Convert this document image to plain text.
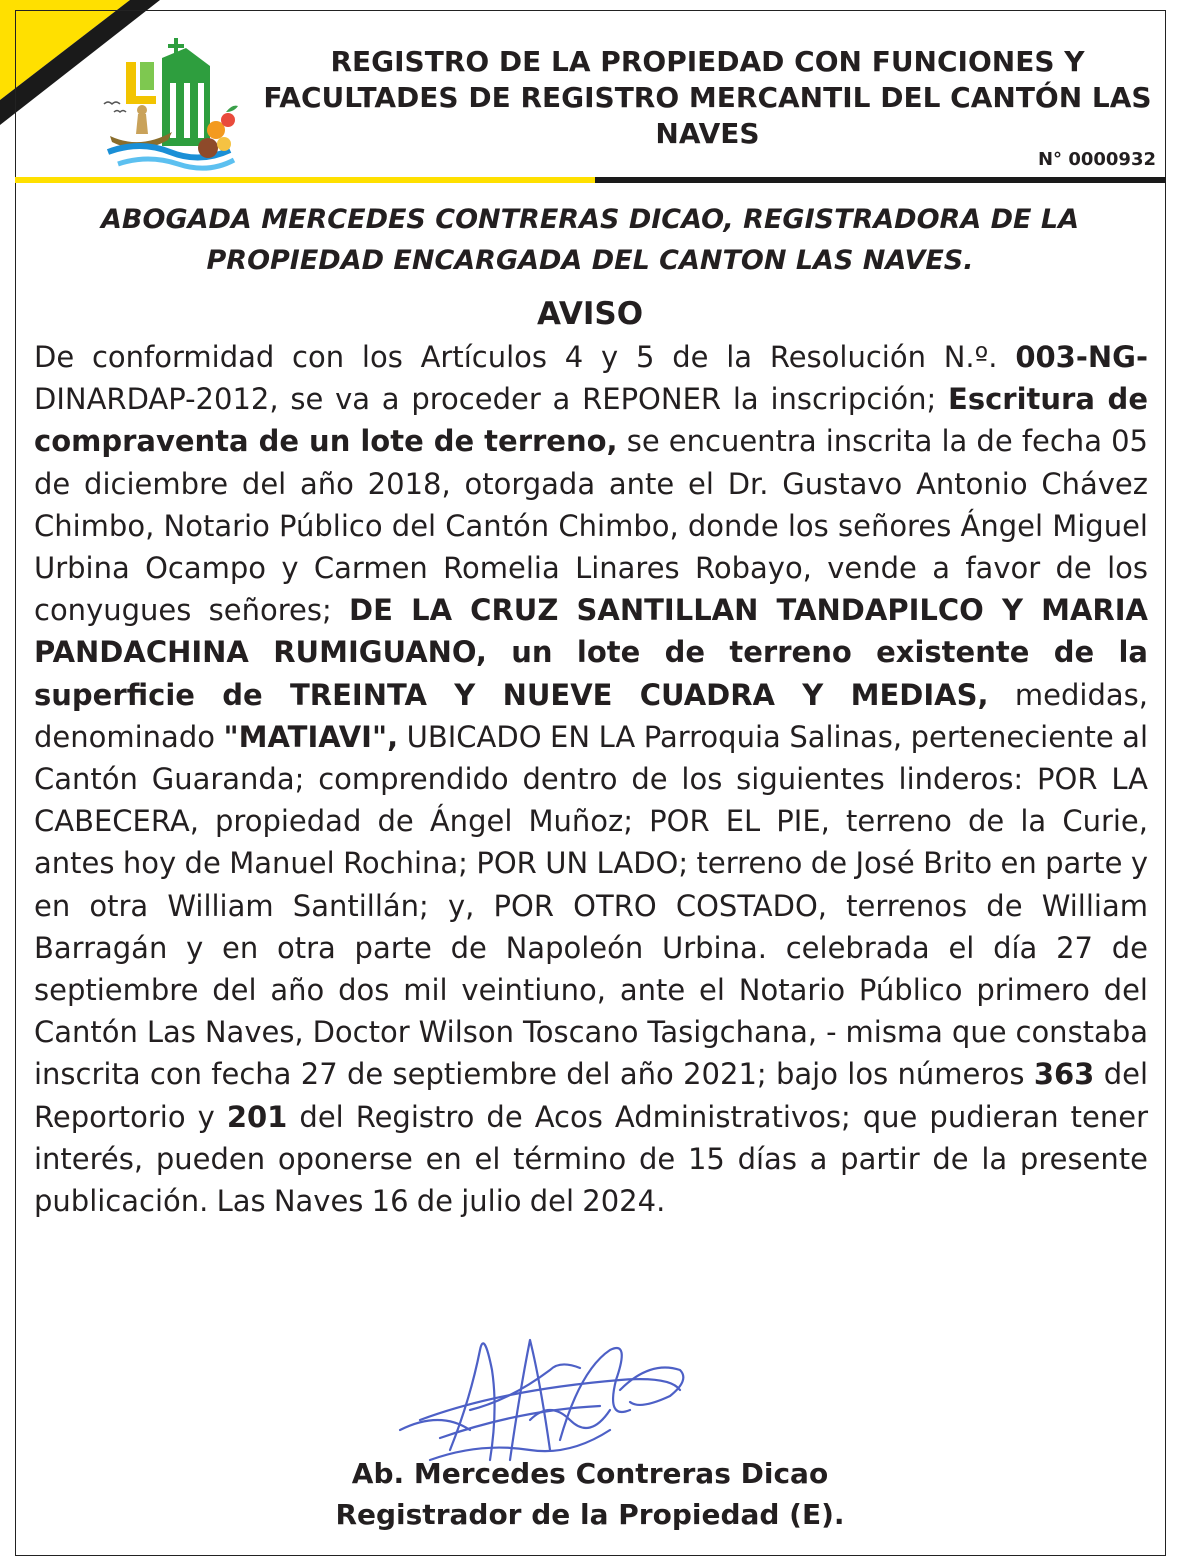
REGISTRO DE LA PROPIEDAD CON FUNCIONES Y FACULTADES DE REGISTRO MERCANTIL DEL CANTÓN LAS NAVES
N° 0000932
ABOGADA MERCEDES CONTRERAS DICAO, REGISTRADORA DE LA PROPIEDAD ENCARGADA DEL CANTON LAS NAVES.
AVISO
De conformidad con los Artículos 4 y 5 de la Resolución N.º. 003-NG- DINARDAP-2012, se va a proceder a REPONER la inscripción; Escritura de compraventa de un lote de terreno, se encuentra inscrita la de fecha 05 de diciembre del año 2018, otorgada ante el Dr. Gustavo Antonio Chávez Chimbo, Notario Público del Cantón Chimbo, donde los señores Ángel Miguel Urbina Ocampo y Carmen Romelia Linares Robayo, vende a favor de los conyugues señores; DE LA CRUZ SANTILLAN TANDAPILCO Y MARIA PANDACHINA RUMIGUANO, un lote de terreno existente de la superficie de TREINTA Y NUEVE CUADRA Y MEDIAS, medidas, denominado "MATIAVI", UBICADO EN LA Parroquia Salinas, perteneciente al Cantón Guaranda; comprendido dentro de los siguientes linderos: POR LA CABECERA, propiedad de Ángel Muñoz; POR EL PIE, terreno de la Curie, antes hoy de Manuel Rochina; POR UN LADO; terreno de José Brito en parte y en otra William Santillán; y, POR OTRO COSTADO, terrenos de William Barragán y en otra parte de Napoleón Urbina. celebrada el día 27 de septiembre del año dos mil veintiuno, ante el Notario Público primero del Cantón Las Naves, Doctor Wilson Toscano Tasigchana, - misma que constaba inscrita con fecha 27 de septiembre del año 2021; bajo los números 363 del Reportorio y 201 del Registro de Acos Administrativos; que pudieran tener interés, pueden oponerse en el término de 15 días a partir de la presente publicación. Las Naves 16 de julio del 2024.
Ab. Mercedes Contreras Dicao
Registrador de la Propiedad (E).
